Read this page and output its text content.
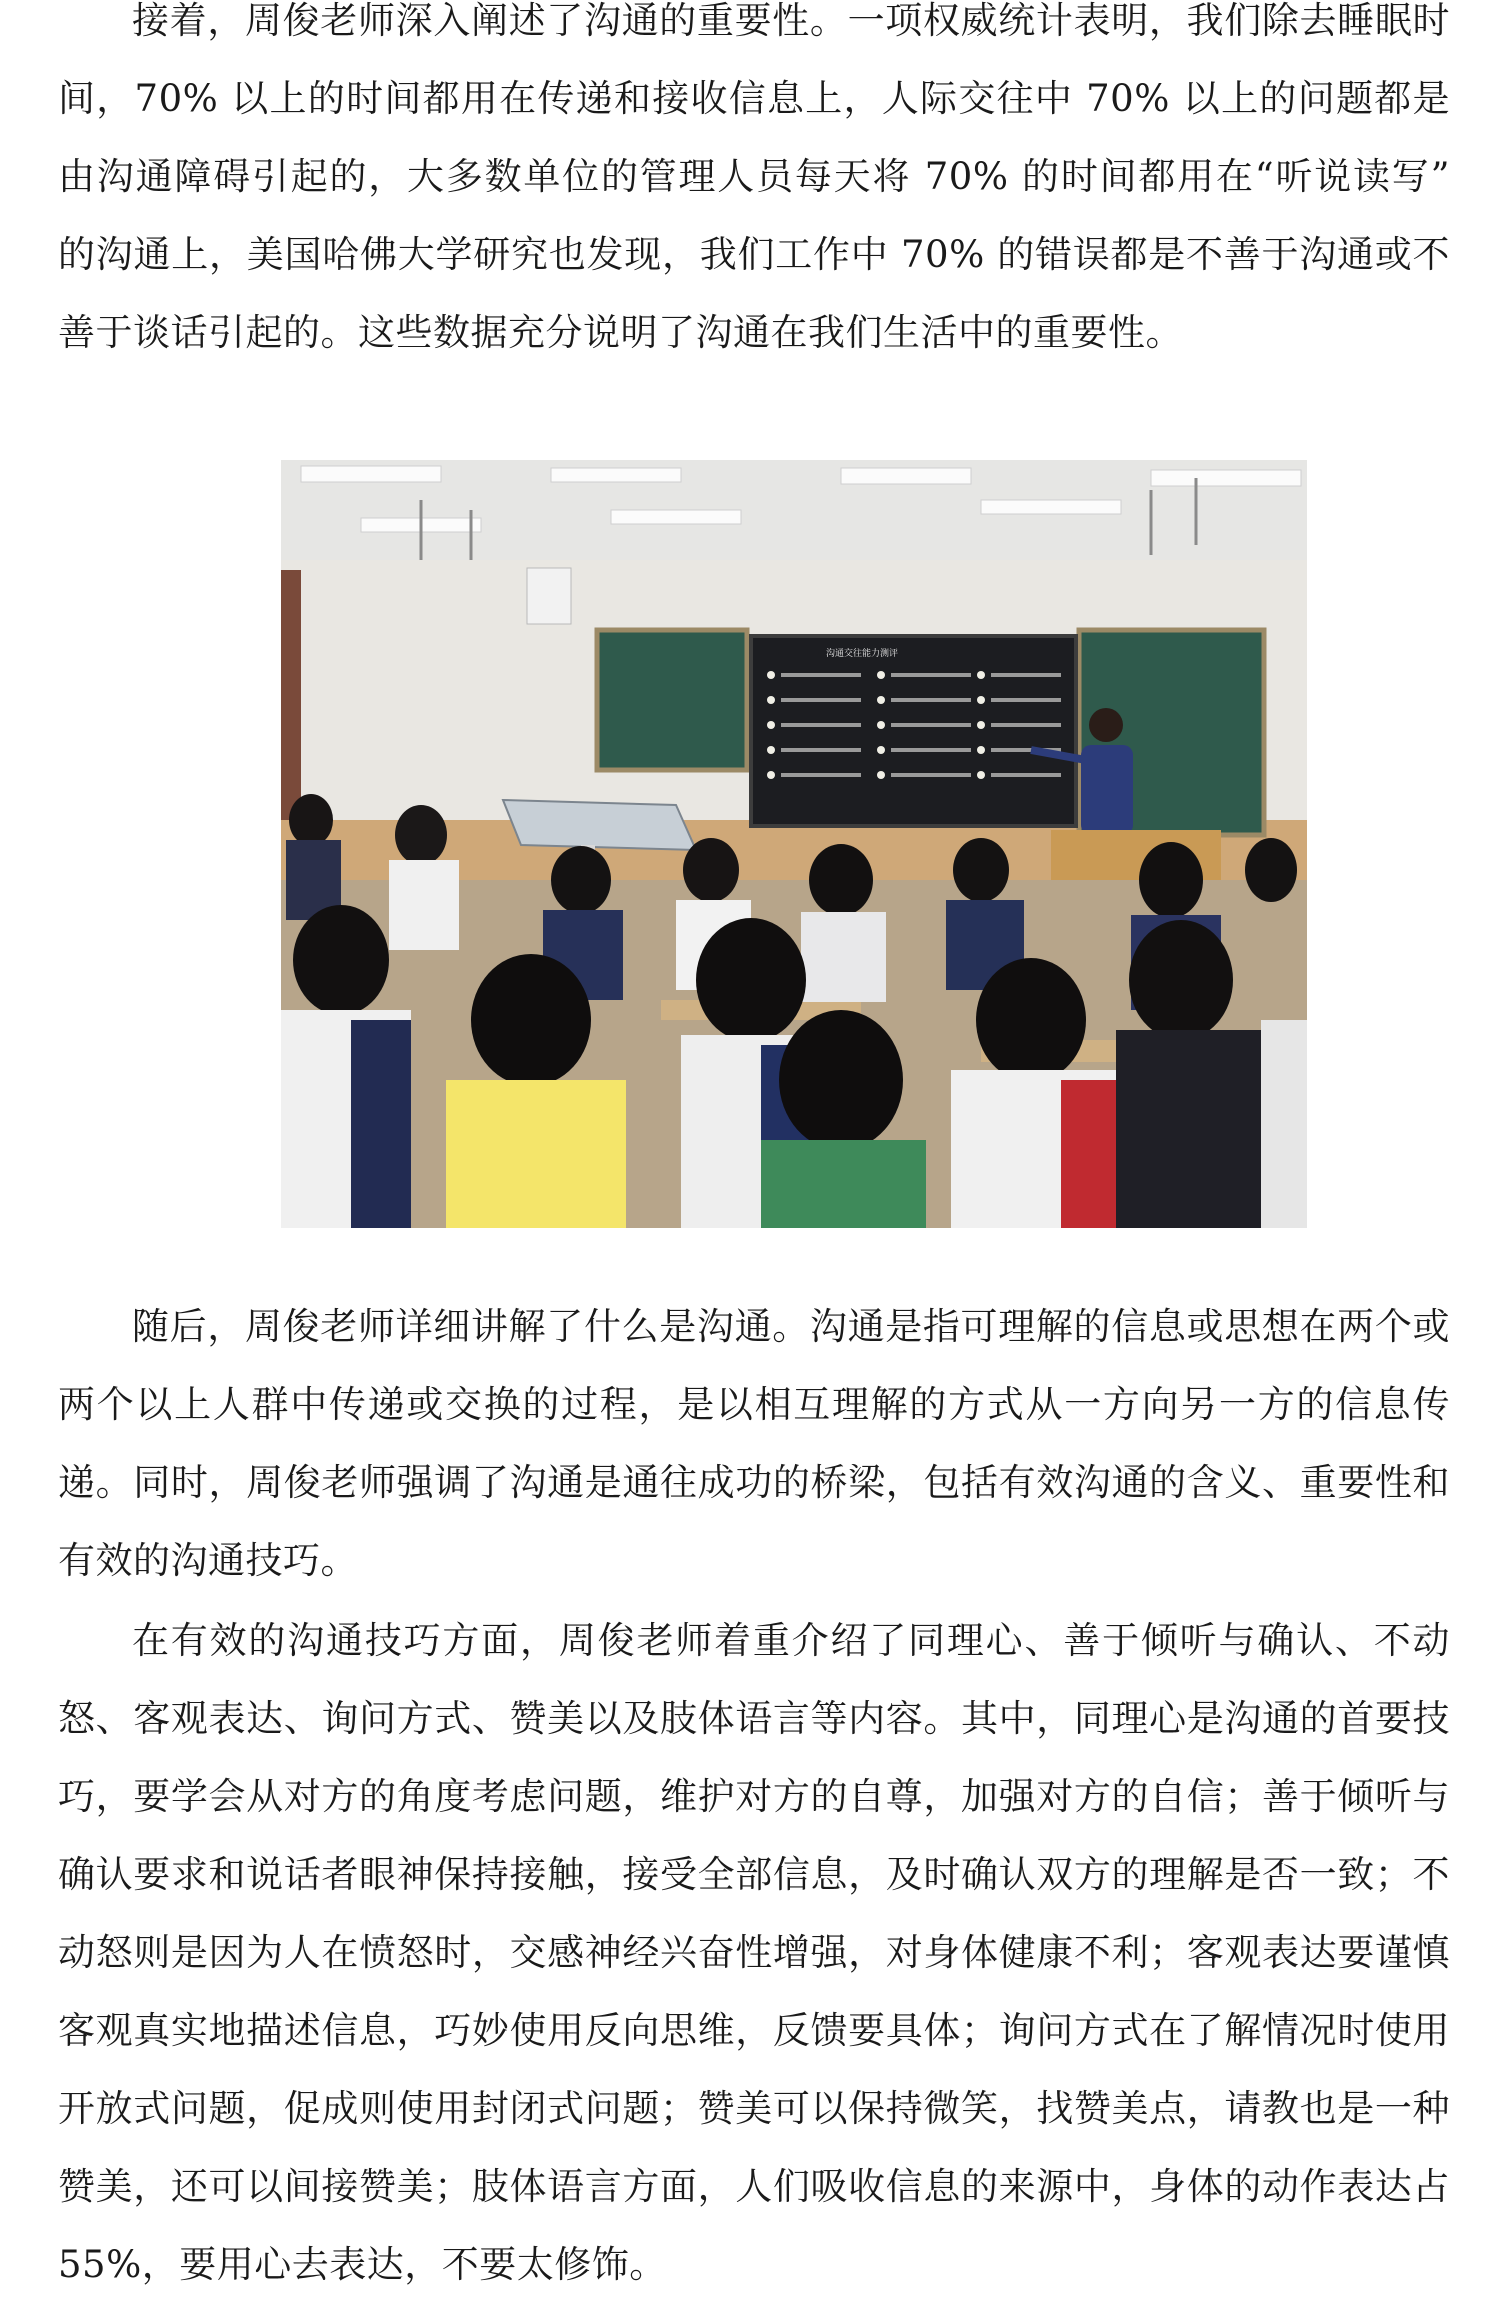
接着，周俊老师深入阐述了沟通的重要性。一项权威统计表明，我们除去睡眠时间，70% 以上的时间都用在传递和接收信息上，人际交往中 70% 以上的问题都是由沟通障碍引起的，大多数单位的管理人员每天将 70% 的时间都用在“听说读写” 的沟通上，美国哈佛大学研究也发现，我们工作中 70% 的错误都是不善于沟通或不善于谈话引起的。这些数据充分说明了沟通在我们生活中的重要性。

沟通交往能力测评

随后，周俊老师详细讲解了什么是沟通。沟通是指可理解的信息或思想在两个或两个以上人群中传递或交换的过程，是以相互理解的方式从一方向另一方的信息传递。同时，周俊老师强调了沟通是通往成功的桥梁，包括有效沟通的含义、重要性和有效的沟通技巧。

在有效的沟通技巧方面，周俊老师着重介绍了同理心、善于倾听与确认、不动怒、客观表达、询问方式、赞美以及肢体语言等内容。其中，同理心是沟通的首要技巧，要学会从对方的角度考虑问题，维护对方的自尊，加强对方的自信；善于倾听与确认要求和说话者眼神保持接触，接受全部信息，及时确认双方的理解是否一致；不动怒则是因为人在愤怒时，交感神经兴奋性增强，对身体健康不利；客观表达要谨慎客观真实地描述信息，巧妙使用反向思维，反馈要具体；询问方式在了解情况时使用开放式问题，促成则使用封闭式问题；赞美可以保持微笑，找赞美点，请教也是一种赞美，还可以间接赞美；肢体语言方面，人们吸收信息的来源中，身体的动作表达占 55%，要用心去表达，不要太修饰。
